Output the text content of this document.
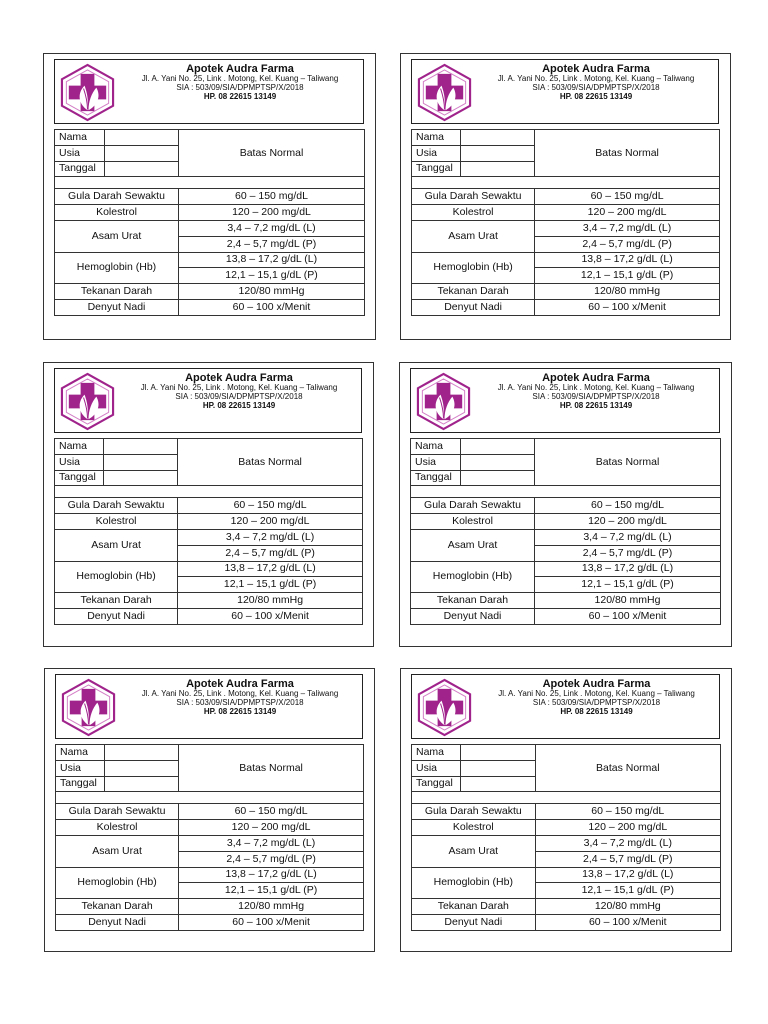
Apotek Audra Farma
Jl. A. Yani No. 25, Link . Motong, Kel. Kuang – Taliwang
SIA : 503/09/SIA/DPMPTSP/X/2018
HP. 08 22615 13149
Nama		Batas Normal
Usia		
Tanggal		

Gula Darah Sewaktu		60 – 150 mg/dL
Kolestrol		120 – 200 mg/dL
Asam Urat		3,4 – 7,2 mg/dL (L)
		2,4 – 5,7 mg/dL (P)
Hemoglobin (Hb)		13,8 – 17,2 g/dL (L)
		12,1 – 15,1 g/dL (P)
Tekanan Darah		120/80 mmHg
Denyut Nadi		60 – 100 x/Menit
Apotek Audra Farma
Jl. A. Yani No. 25, Link . Motong, Kel. Kuang – Taliwang
SIA : 503/09/SIA/DPMPTSP/X/2018
HP. 08 22615 13149
Nama		Batas Normal
Usia		
Tanggal		

Gula Darah Sewaktu		60 – 150 mg/dL
Kolestrol		120 – 200 mg/dL
Asam Urat		3,4 – 7,2 mg/dL (L)
		2,4 – 5,7 mg/dL (P)
Hemoglobin (Hb)		13,8 – 17,2 g/dL (L)
		12,1 – 15,1 g/dL (P)
Tekanan Darah		120/80 mmHg
Denyut Nadi		60 – 100 x/Menit
Apotek Audra Farma
Jl. A. Yani No. 25, Link . Motong, Kel. Kuang – Taliwang
SIA : 503/09/SIA/DPMPTSP/X/2018
HP. 08 22615 13149
Nama		Batas Normal
Usia		
Tanggal		

Gula Darah Sewaktu		60 – 150 mg/dL
Kolestrol		120 – 200 mg/dL
Asam Urat		3,4 – 7,2 mg/dL (L)
		2,4 – 5,7 mg/dL (P)
Hemoglobin (Hb)		13,8 – 17,2 g/dL (L)
		12,1 – 15,1 g/dL (P)
Tekanan Darah		120/80 mmHg
Denyut Nadi		60 – 100 x/Menit
Apotek Audra Farma
Jl. A. Yani No. 25, Link . Motong, Kel. Kuang – Taliwang
SIA : 503/09/SIA/DPMPTSP/X/2018
HP. 08 22615 13149
Nama		Batas Normal
Usia		
Tanggal		

Gula Darah Sewaktu		60 – 150 mg/dL
Kolestrol		120 – 200 mg/dL
Asam Urat		3,4 – 7,2 mg/dL (L)
		2,4 – 5,7 mg/dL (P)
Hemoglobin (Hb)		13,8 – 17,2 g/dL (L)
		12,1 – 15,1 g/dL (P)
Tekanan Darah		120/80 mmHg
Denyut Nadi		60 – 100 x/Menit
Apotek Audra Farma
Jl. A. Yani No. 25, Link . Motong, Kel. Kuang – Taliwang
SIA : 503/09/SIA/DPMPTSP/X/2018
HP. 08 22615 13149
Nama		Batas Normal
Usia		
Tanggal		

Gula Darah Sewaktu		60 – 150 mg/dL
Kolestrol		120 – 200 mg/dL
Asam Urat		3,4 – 7,2 mg/dL (L)
		2,4 – 5,7 mg/dL (P)
Hemoglobin (Hb)		13,8 – 17,2 g/dL (L)
		12,1 – 15,1 g/dL (P)
Tekanan Darah		120/80 mmHg
Denyut Nadi		60 – 100 x/Menit
Apotek Audra Farma
Jl. A. Yani No. 25, Link . Motong, Kel. Kuang – Taliwang
SIA : 503/09/SIA/DPMPTSP/X/2018
HP. 08 22615 13149
Nama		Batas Normal
Usia		
Tanggal		

Gula Darah Sewaktu		60 – 150 mg/dL
Kolestrol		120 – 200 mg/dL
Asam Urat		3,4 – 7,2 mg/dL (L)
		2,4 – 5,7 mg/dL (P)
Hemoglobin (Hb)		13,8 – 17,2 g/dL (L)
		12,1 – 15,1 g/dL (P)
Tekanan Darah		120/80 mmHg
Denyut Nadi		60 – 100 x/Menit
